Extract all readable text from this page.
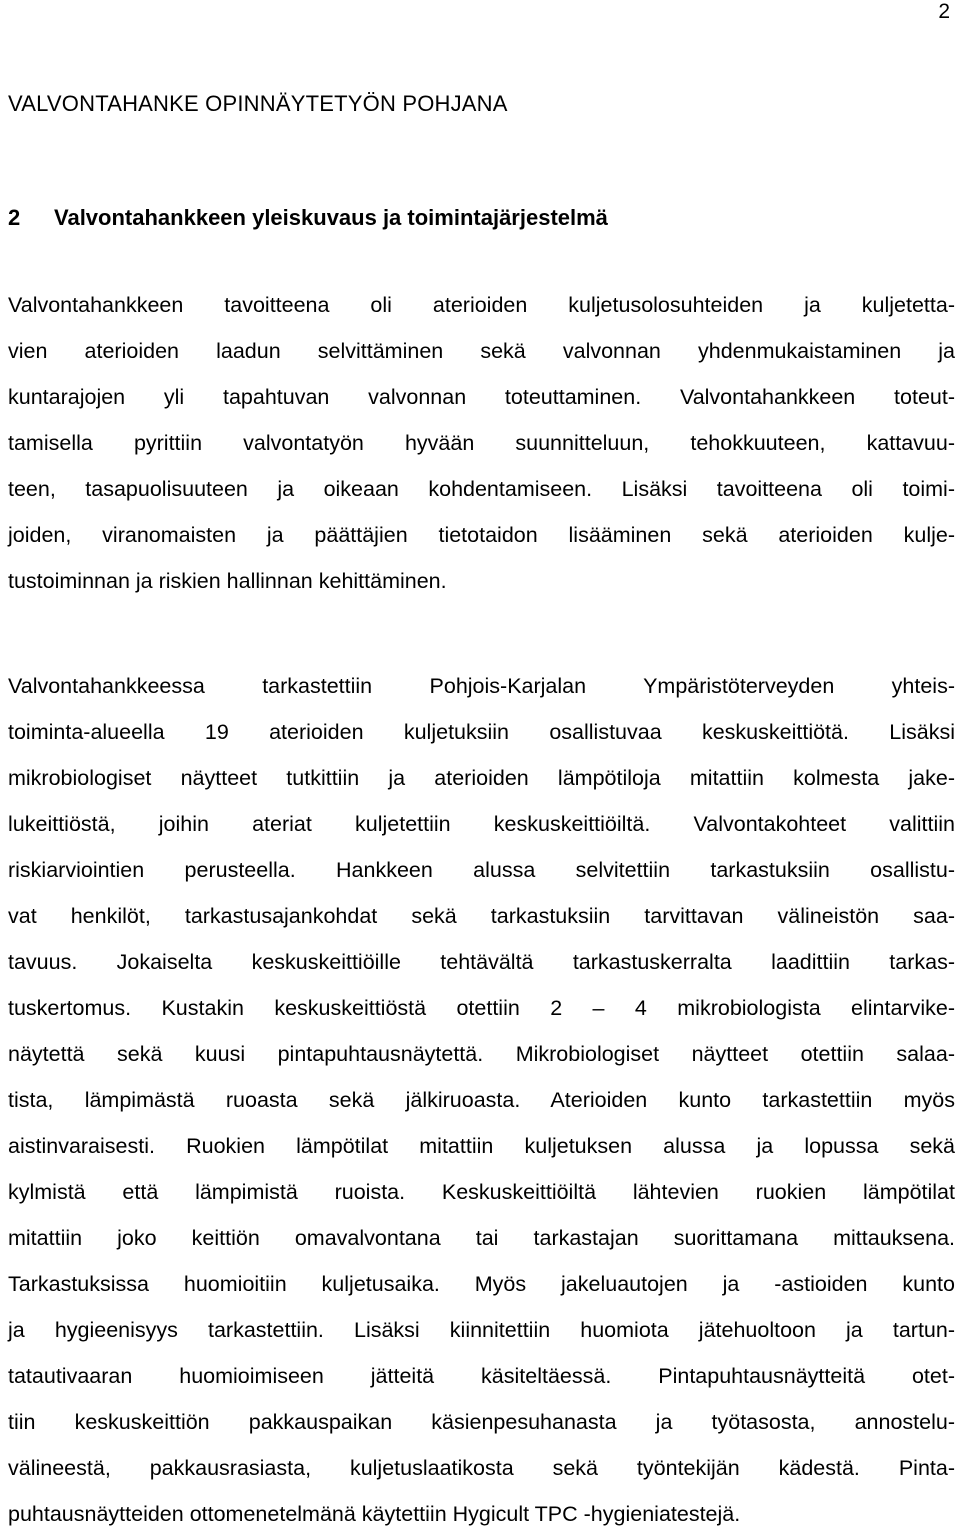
2
VALVONTAHANKE OPINNÄYTETYÖN POHJANA
2 Valvontahankkeen yleiskuvaus ja toimintajärjestelmä
Valvontahankkeen tavoitteena oli aterioiden kuljetusolosuhteiden ja kuljetetta-
vien aterioiden laadun selvittäminen sekä valvonnan yhdenmukaistaminen ja
kuntarajojen yli tapahtuvan valvonnan toteuttaminen. Valvontahankkeen toteut-
tamisella pyrittiin valvontatyön hyvään suunnitteluun, tehokkuuteen, kattavuu-
teen, tasapuolisuuteen ja oikeaan kohdentamiseen. Lisäksi tavoitteena oli toimi-
joiden, viranomaisten ja päättäjien tietotaidon lisääminen sekä aterioiden kulje-
tustoiminnan ja riskien hallinnan kehittäminen.
Valvontahankkeessa tarkastettiin Pohjois-Karjalan Ympäristöterveyden yhteis-
toiminta-alueella 19 aterioiden kuljetuksiin osallistuvaa keskuskeittiötä. Lisäksi
mikrobiologiset näytteet tutkittiin ja aterioiden lämpötiloja mitattiin kolmesta jake-
lukeittiöstä, joihin ateriat kuljetettiin keskuskeittiöiltä. Valvontakohteet valittiin
riskiarviointien perusteella. Hankkeen alussa selvitettiin tarkastuksiin osallistu-
vat henkilöt, tarkastusajankohdat sekä tarkastuksiin tarvittavan välineistön saa-
tavuus. Jokaiselta keskuskeittiöille tehtävältä tarkastuskerralta laadittiin tarkas-
tuskertomus. Kustakin keskuskeittiöstä otettiin 2 – 4 mikrobiologista elintarvike-
näytettä sekä kuusi pintapuhtausnäytettä. Mikrobiologiset näytteet otettiin salaa-
tista, lämpimästä ruoasta sekä jälkiruoasta. Aterioiden kunto tarkastettiin myös
aistinvaraisesti. Ruokien lämpötilat mitattiin kuljetuksen alussa ja lopussa sekä
kylmistä että lämpimistä ruoista. Keskuskeittiöiltä lähtevien ruokien lämpötilat
mitattiin joko keittiön omavalvontana tai tarkastajan suorittamana mittauksena.
Tarkastuksissa huomioitiin kuljetusaika. Myös jakeluautojen ja -astioiden kunto
ja hygieenisyys tarkastettiin. Lisäksi kiinnitettiin huomiota jätehuoltoon ja tartun-
tatautivaaran huomioimiseen jätteitä käsiteltäessä. Pintapuhtausnäytteitä otet-
tiin keskuskeittiön pakkauspaikan käsienpesuhanasta ja työtasosta, annostelu-
välineestä, pakkausrasiasta, kuljetuslaatikosta sekä työntekijän kädestä. Pinta-
puhtausnäytteiden ottomenetelmänä käytettiin Hygicult TPC -hygieniatestejä.
